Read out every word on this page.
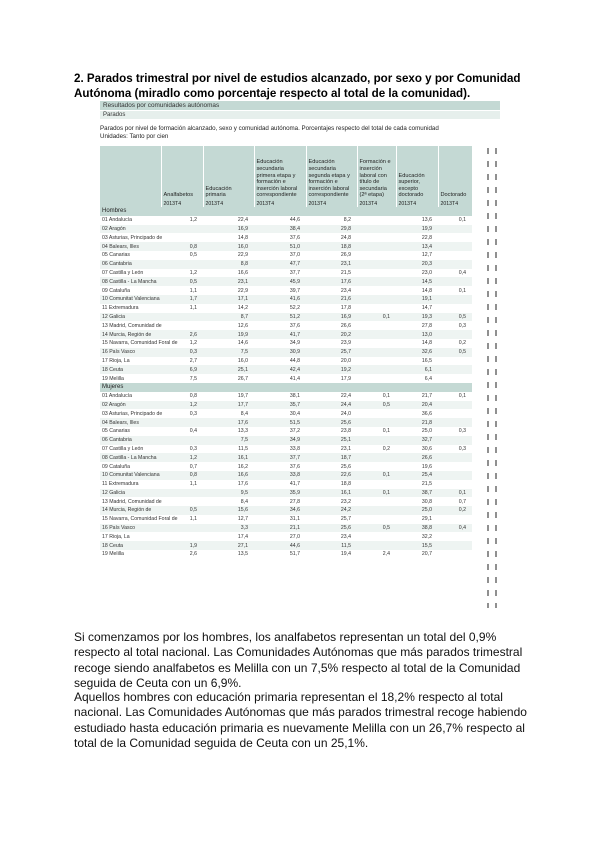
2. Parados trimestral por nivel de estudios alcanzado, por sexo y por Comunidad Autónoma (miradlo como porcentaje respecto al total de la comunidad).
Resultados por comunidades autónomas
Parados
Parados por nivel de formación alcanzado, sexo y comunidad autónoma. Porcentajes respecto del total de cada comunidad
Unidades: Tanto por cien
	Analfabetos	Educación primaria	Educación secundaria primera etapa y formación e inserción laboral correspondiente	Educación secundaria segunda etapa y formación e inserción laboral correspondiente	Formación e inserción laboral con título de secundaria (2ª etapa)	Educación superior, excepto doctorado	Doctorado
	2013T4	2013T4	2013T4	2013T4	2013T4	2013T4	2013T4
Hombres							
01 Andalucía	1,2	22,4	44,6	8,2		13,6	0,1
02 Aragón		16,9	38,4	29,8		19,9	
03 Asturias, Principado de		14,8	37,6	24,8		22,8	
04 Balears, Illes	0,8	16,0	51,0	18,8		13,4	
05 Canarias	0,5	22,9	37,0	26,9		12,7	
06 Cantabria		8,8	47,7	23,1		20,3	
07 Castilla y León	1,2	16,6	37,7	21,5		23,0	0,4
08 Castilla - La Mancha	0,5	23,1	45,9	17,6		14,5	
09 Cataluña	1,1	22,9	39,7	23,4		14,8	0,1
10 Comunitat Valenciana	1,7	17,1	41,6	21,6		19,1	
11 Extremadura	1,1	14,2	52,2	17,8		14,7	
12 Galicia		8,7	51,2	16,9	0,1	19,3	0,5
13 Madrid, Comunidad de		12,6	37,6	26,6		27,8	0,3
14 Murcia, Región de	2,6	19,9	41,7	20,2		13,0	
15 Navarra, Comunidad Foral de	1,2	14,6	34,9	23,9		14,8	0,2
16 País Vasco	0,3	7,5	30,9	25,7		32,6	0,5
17 Rioja, La	2,7	16,0	44,8	20,0		16,5	
18 Ceuta	6,9	25,1	42,4	19,2		6,1	
19 Melilla	7,5	26,7	41,4	17,9		6,4	
Mujeres							
01 Andalucía	0,8	19,7	38,1	22,4	0,1	21,7	0,1
02 Aragón	1,2	17,7	35,7	24,4	0,5	20,4	
03 Asturias, Principado de	0,3	8,4	30,4	24,0		36,6	
04 Balears, Illes		17,6	51,5	25,6		21,8	
05 Canarias	0,4	13,3	37,2	23,8	0,1	25,0	0,3
06 Cantabria		7,5	34,9	25,1		32,7	
07 Castilla y León	0,3	11,5	33,8	23,1	0,2	30,6	0,3
08 Castilla - La Mancha	1,2	16,1	37,7	18,7		26,6	
09 Cataluña	0,7	16,2	37,6	25,6		19,6	
10 Comunitat Valenciana	0,8	16,6	33,8	22,6	0,1	25,4	
11 Extremadura	1,1	17,6	41,7	18,8		21,5	
12 Galicia		9,5	35,9	16,1	0,1	38,7	0,1
13 Madrid, Comunidad de		8,4	27,8	23,2		30,8	0,7
14 Murcia, Región de	0,5	15,6	34,6	24,2		25,0	0,2
15 Navarra, Comunidad Foral de	1,1	12,7	31,1	25,7		29,1	
16 País Vasco		3,3	21,1	25,6	0,5	38,8	0,4
17 Rioja, La		17,4	27,0	23,4		32,2	
18 Ceuta	1,9	27,1	44,6	11,5		15,5	
19 Melilla	2,6	13,5	51,7	19,4	2,4	20,7	
Si comenzamos por los hombres, los analfabetos representan un total del 0,9% respecto al total nacional. Las Comunidades Autónomas que más parados trimestral recoge siendo analfabetos es Melilla con un 7,5% respecto al total de la Comunidad seguida de Ceuta con un 6,9%.
Aquellos hombres con educación primaria representan el 18,2% respecto al total nacional. Las Comunidades Autónomas que más parados trimestral recoge habiendo estudiado hasta educación primaria es nuevamente Melilla con un 26,7% respecto al total de la Comunidad seguida de Ceuta con un 25,1%.
